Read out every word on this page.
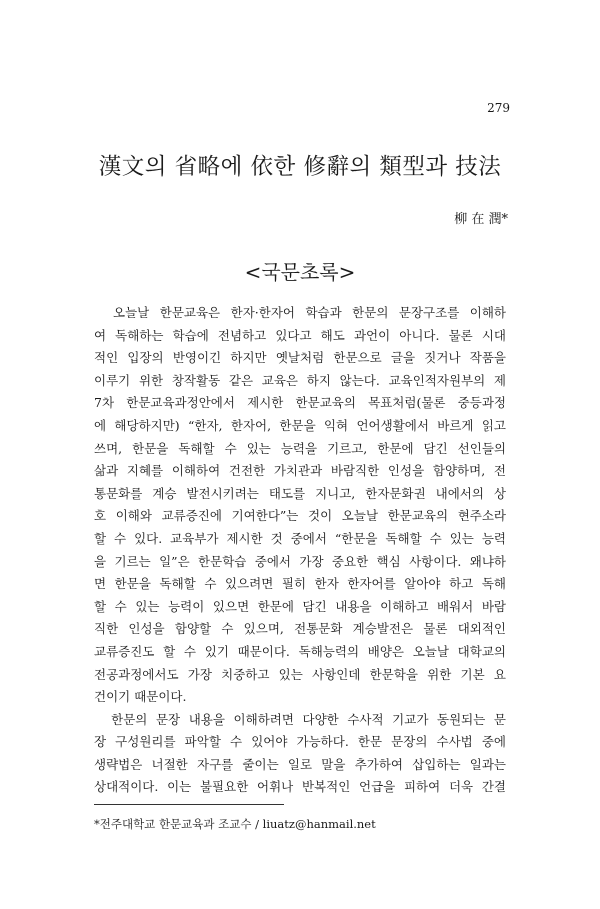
279
漢文의 省略에 依한 修辭의 類型과 技法
柳 在 潤*
<국문초록>
　오늘날 한문교육은 한자·한자어 학습과 한문의 문장구조를 이해하
여 독해하는 학습에 전념하고 있다고 해도 과언이 아니다. 물론 시대
적인 입장의 반영이긴 하지만 옛날처럼 한문으로 글을 짓거나 작품을
이루기 위한 창작활동 같은 교육은 하지 않는다. 교육인적자원부의 제
7차 한문교육과정안에서 제시한 한문교육의 목표처럼(물론 중등과정
에 해당하지만) “한자, 한자어, 한문을 익혀 언어생활에서 바르게 읽고
쓰며, 한문을 독해할 수 있는 능력을 기르고, 한문에 담긴 선인들의
삶과 지혜를 이해하여 건전한 가치관과 바람직한 인성을 함양하며, 전
통문화를 계승 발전시키려는 태도를 지니고, 한자문화권 내에서의 상
호 이해와 교류증진에 기여한다”는 것이 오늘날 한문교육의 현주소라
할 수 있다. 교육부가 제시한 것 중에서 “한문을 독해할 수 있는 능력
을 기르는 일”은 한문학습 중에서 가장 중요한 핵심 사항이다. 왜냐하
면 한문을 독해할 수 있으려면 필히 한자 한자어를 알아야 하고 독해
할 수 있는 능력이 있으면 한문에 담긴 내용을 이해하고 배워서 바람
직한 인성을 함양할 수 있으며, 전통문화 계승발전은 물론 대외적인
교류증진도 할 수 있기 때문이다. 독해능력의 배양은 오늘날 대학교의
전공과정에서도 가장 치중하고 있는 사항인데 한문학을 위한 기본 요
건이기 때문이다.
　한문의 문장 내용을 이해하려면 다양한 수사적 기교가 동원되는 문
장 구성원리를 파악할 수 있어야 가능하다. 한문 문장의 수사법 중에
생략법은 너절한 자구를 줄이는 일로 말을 추가하여 삽입하는 일과는
상대적이다. 이는 불필요한 어휘나 반복적인 언급을 피하여 더욱 간결
*전주대학교 한문교육과 조교수 / liuatz@hanmail.net
